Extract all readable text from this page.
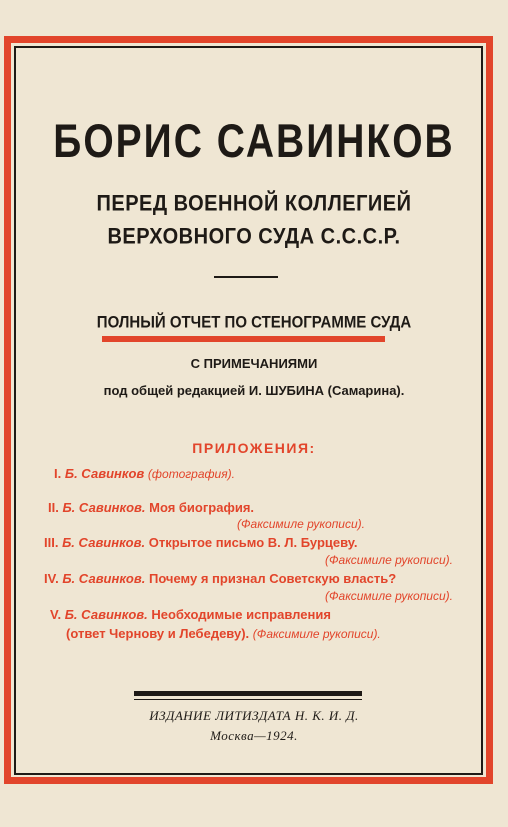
БОРИС САВИНКОВ
ПЕРЕД ВОЕННОЙ КОЛЛЕГИЕЙ
ВЕРХОВНОГО СУДА С.С.С.Р.
ПОЛНЫЙ ОТЧЕТ ПО СТЕНОГРАММЕ СУДА
С ПРИМЕЧАНИЯМИ
под общей редакцией И. ШУБИНА (Самарина).
ПРИЛОЖЕНИЯ:
I. Б. Савинков (фотография).
II. Б. Савинков. Моя биография.
(Факсимиле рукописи).
III. Б. Савинков. Открытое письмо В. Л. Бурцеву.
(Факсимиле рукописи).
IV. Б. Савинков. Почему я признал Советскую власть?
(Факсимиле рукописи).
V. Б. Савинков. Необходимые исправления
(ответ Чернову и Лебедеву). (Факсимиле рукописи).
ИЗДАНИЕ ЛИТИЗДАТА Н. К. И. Д.
Москва—1924.
